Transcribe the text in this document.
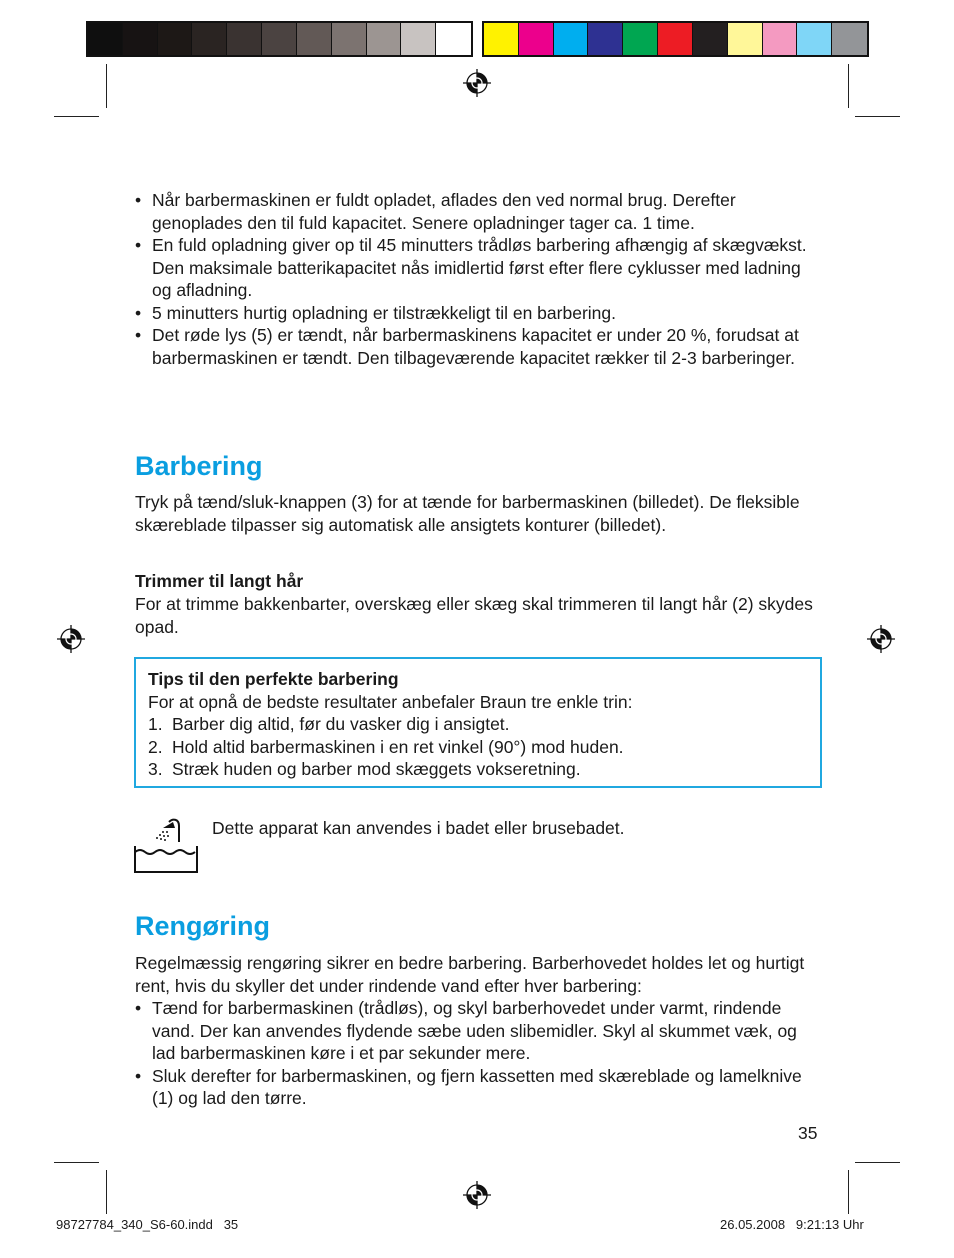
• Når barbermaskinen er fuldt opladet, aflades den ved normal brug. Derefter genoplades den til fuld kapacitet. Senere opladninger tager ca. 1 time.
• En fuld opladning giver op til 45 minutters trådløs barbering afhængig af skægvækst. Den maksimale batterikapacitet nås imidlertid først efter flere cyklusser med ladning og afladning.
• 5 minutters hurtig opladning er tilstrækkeligt til en barbering.
• Det røde lys (5) er tændt, når barbermaskinens kapacitet er under 20 %, forudsat at barbermaskinen er tændt. Den tilbageværende kapacitet rækker til 2-3 barberinger.
Barbering
Tryk på tænd/sluk-knappen (3) for at tænde for barbermaskinen (billedet). De fleksible skæreblade tilpasser sig automatisk alle ansigtets konturer (billedet).
Trimmer til langt hår
For at trimme bakkenbarter, overskæg eller skæg skal trimmeren til langt hår (2) skydes opad.
Tips til den perfekte barbering
For at opnå de bedste resultater anbefaler Braun tre enkle trin:
1. Barber dig altid, før du vasker dig i ansigtet.
2. Hold altid barbermaskinen i en ret vinkel (90°) mod huden.
3. Stræk huden og barber mod skæggets vokseretning.
Dette apparat kan anvendes i badet eller brusebadet.
Rengøring
Regelmæssig rengøring sikrer en bedre barbering. Barberhovedet holdes let og hurtigt rent, hvis du skyller det under rindende vand efter hver barbering:
• Tænd for barbermaskinen (trådløs), og skyl barberhovedet under varmt, rindende vand. Der kan anvendes flydende sæbe uden slibemidler. Skyl al skummet væk, og lad barbermaskinen køre i et par sekunder mere.
• Sluk derefter for barbermaskinen, og fjern kassetten med skæreblade og lamelknive (1) og lad den tørre.
35
98727784_340_S6-60.indd   35	26.05.2008   9:21:13 Uhr
